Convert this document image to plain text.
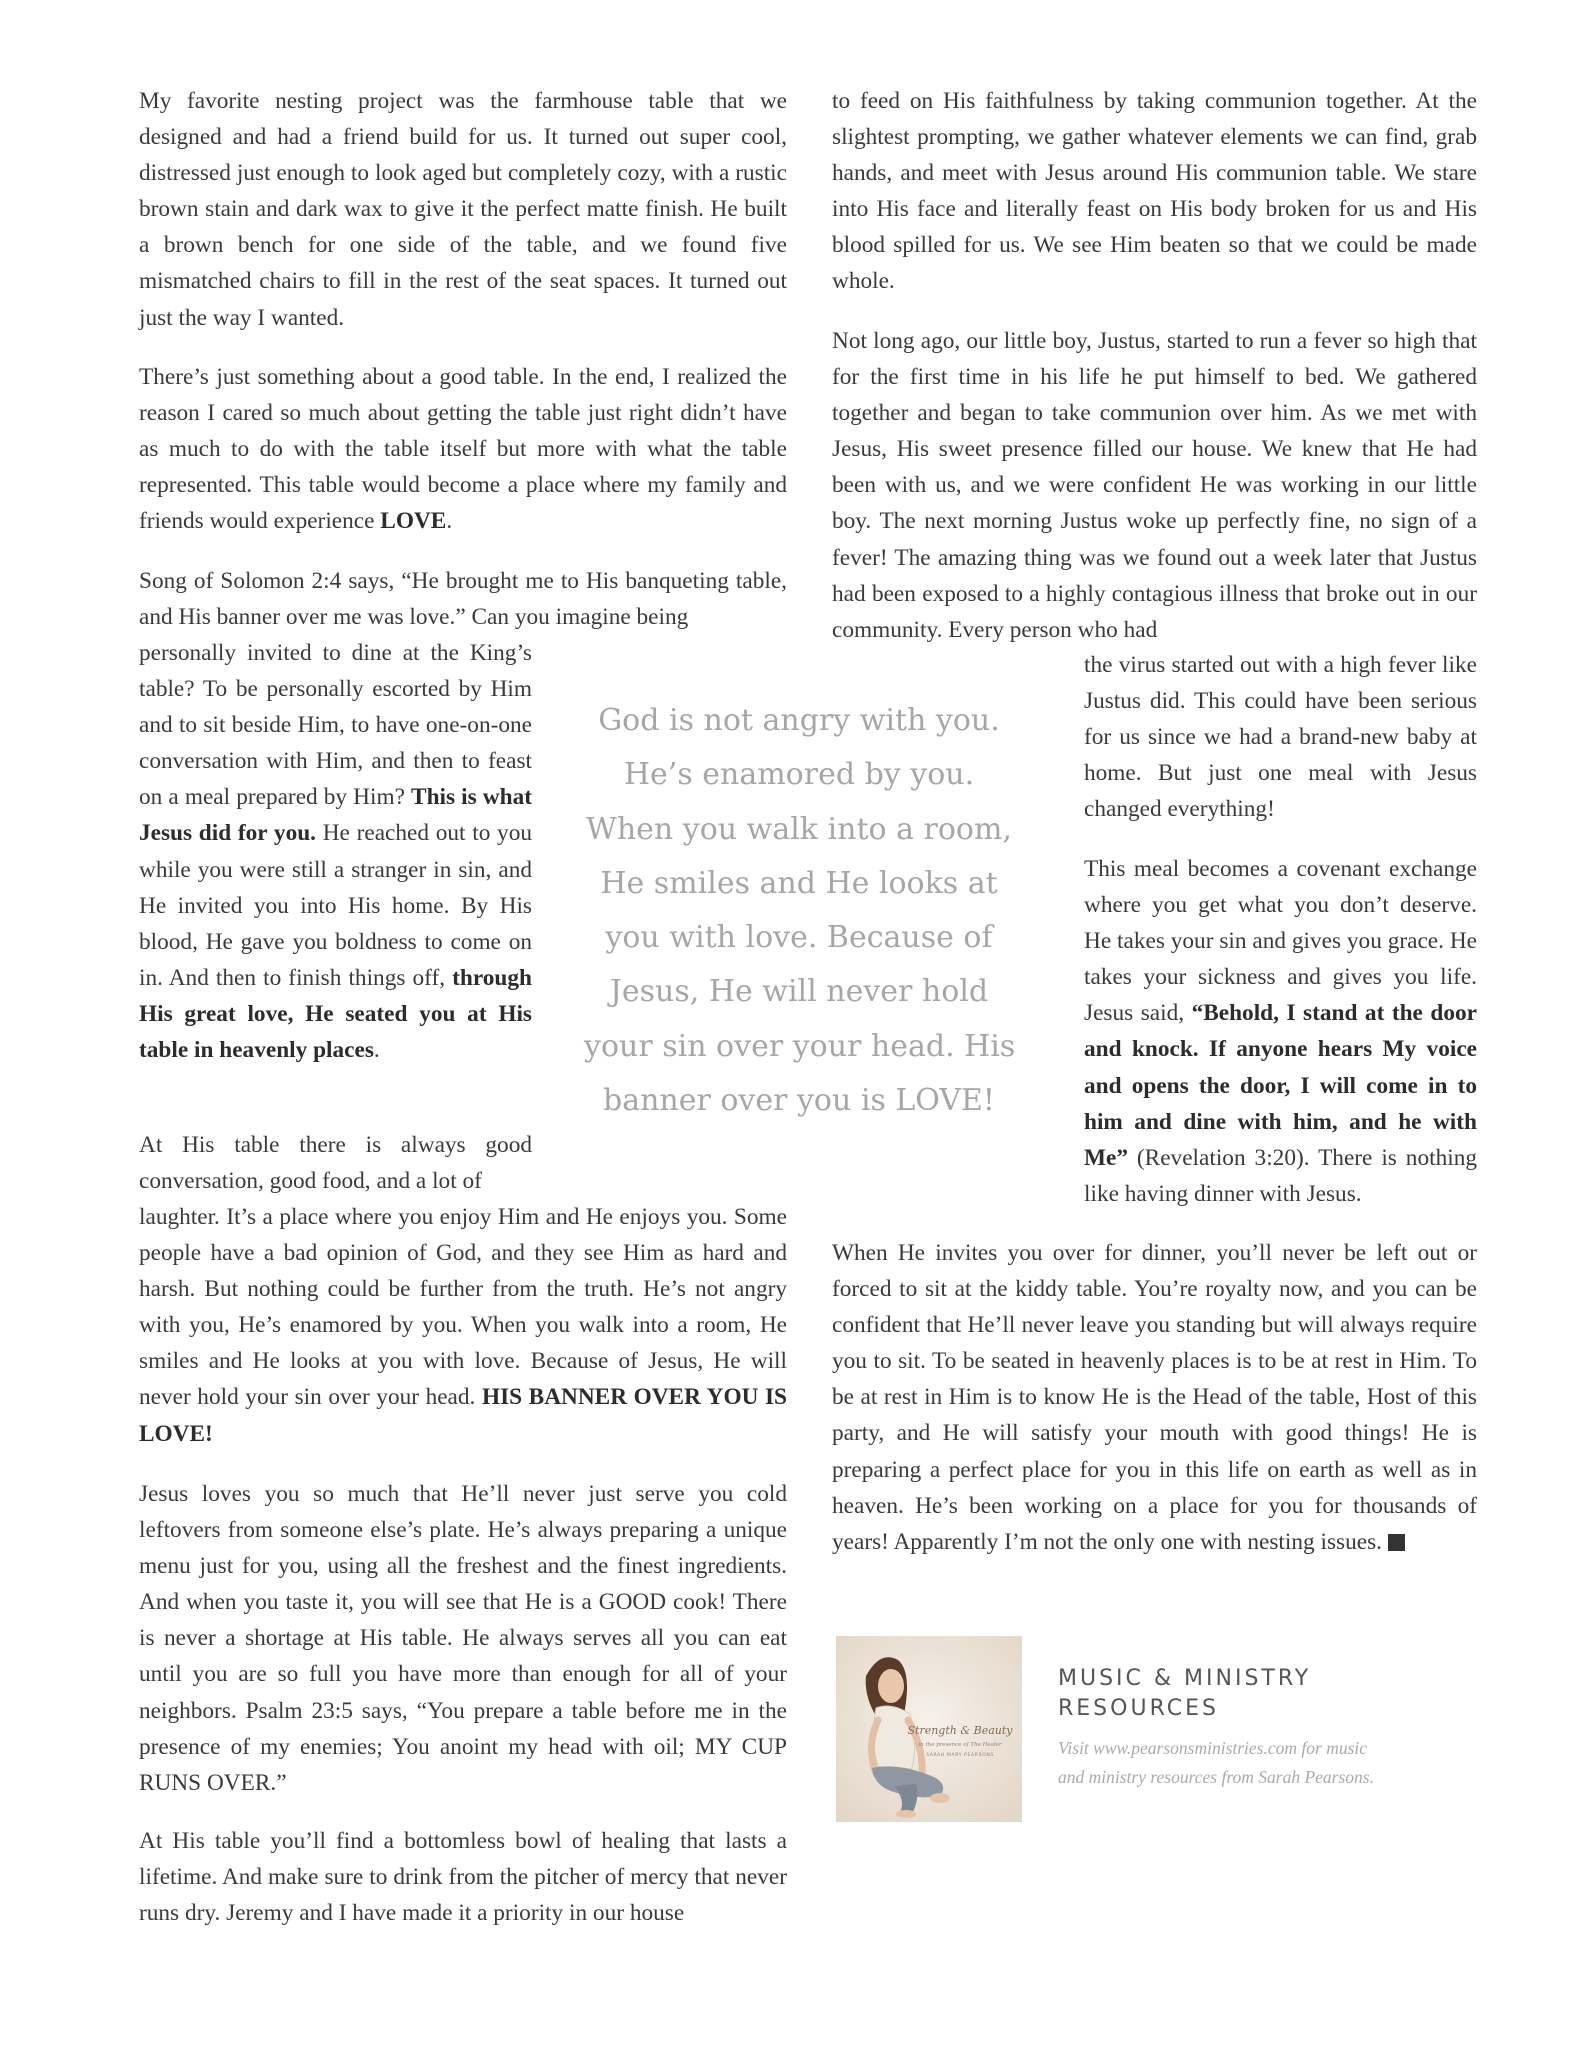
My favorite nesting project was the farmhouse table that we designed and had a friend build for us. It turned out super cool, distressed just enough to look aged but completely cozy, with a rustic brown stain and dark wax to give it the perfect matte finish. He built a brown bench for one side of the table, and we found five mismatched chairs to fill in the rest of the seat spaces. It turned out just the way I wanted.

There’s just something about a good table. In the end, I realized the reason I cared so much about getting the table just right didn’t have as much to do with the table itself but more with what the table represented. This table would become a place where my family and friends would experience LOVE.

Song of Solomon 2:4 says, “He brought me to His banqueting table, and His banner over me was love.” Can you imagine being

personally invited to dine at the King’s table? To be personally escorted by Him and to sit beside Him, to have one-on-one conversation with Him, and then to feast on a meal prepared by Him? This is what Jesus did for you. He reached out to you while you were still a stranger in sin, and He invited you into His home. By His blood, He gave you boldness to come on in. And then to finish things off, through His great love, He seated you at His table in heavenly places.

At His table there is always good conversation, good food, and a lot of

laughter. It’s a place where you enjoy Him and He enjoys you. Some people have a bad opinion of God, and they see Him as hard and harsh. But nothing could be further from the truth. He’s not angry with you, He’s enamored by you. When you walk into a room, He smiles and He looks at you with love. Because of Jesus, He will never hold your sin over your head. HIS BANNER OVER YOU IS LOVE!

Jesus loves you so much that He’ll never just serve you cold leftovers from someone else’s plate. He’s always preparing a unique menu just for you, using all the freshest and the finest ingredients. And when you taste it, you will see that He is a GOOD cook! There is never a shortage at His table. He always serves all you can eat until you are so full you have more than enough for all of your neighbors. Psalm 23:5 says, “You prepare a table before me in the presence of my enemies; You anoint my head with oil; MY CUP RUNS OVER.”

At His table you’ll find a bottomless bowl of healing that lasts a lifetime. And make sure to drink from the pitcher of mercy that never runs dry. Jeremy and I have made it a priority in our house

God is not angry with you.
He’s enamored by you.
When you walk into a room,
He smiles and He looks at
you with love. Because of
Jesus, He will never hold
your sin over your head. His
banner over you is LOVE!

to feed on His faithfulness by taking communion together. At the slightest prompting, we gather whatever elements we can find, grab hands, and meet with Jesus around His communion table. We stare into His face and literally feast on His body broken for us and His blood spilled for us. We see Him beaten so that we could be made whole.

Not long ago, our little boy, Justus, started to run a fever so high that for the first time in his life he put himself to bed. We gathered together and began to take communion over him. As we met with Jesus, His sweet presence filled our house. We knew that He had been with us, and we were confident He was working in our little boy. The next morning Justus woke up perfectly fine, no sign of a fever! The amazing thing was we found out a week later that Justus had been exposed to a highly contagious illness that broke out in our community. Every person who had

the virus started out with a high fever like Justus did. This could have been serious for us since we had a brand-new baby at home. But just one meal with Jesus changed everything!

This meal becomes a covenant exchange where you get what you don’t deserve. He takes your sin and gives you grace. He takes your sickness and gives you life. Jesus said, “Behold, I stand at the door and knock. If anyone hears My voice and opens the door, I will come in to him and dine with him, and he with Me” (Revelation 3:20). There is nothing like having dinner with Jesus.

When He invites you over for dinner, you’ll never be left out or forced to sit at the kiddy table. You’re royalty now, and you can be confident that He’ll never leave you standing but will always require you to sit. To be seated in heavenly places is to be at rest in Him. To be at rest in Him is to know He is the Head of the table, Host of this party, and He will satisfy your mouth with good things! He is preparing a perfect place for you in this life on earth as well as in heaven. He’s been working on a place for you for thousands of years! Apparently I’m not the only one with nesting issues.

Strength & Beauty
in the presence of The Healer
SARAH MARY PEARSONS
MUSIC & MINISTRY
RESOURCES

Visit www.pearsonsministries.com for music
and ministry resources from Sarah Pearsons.
